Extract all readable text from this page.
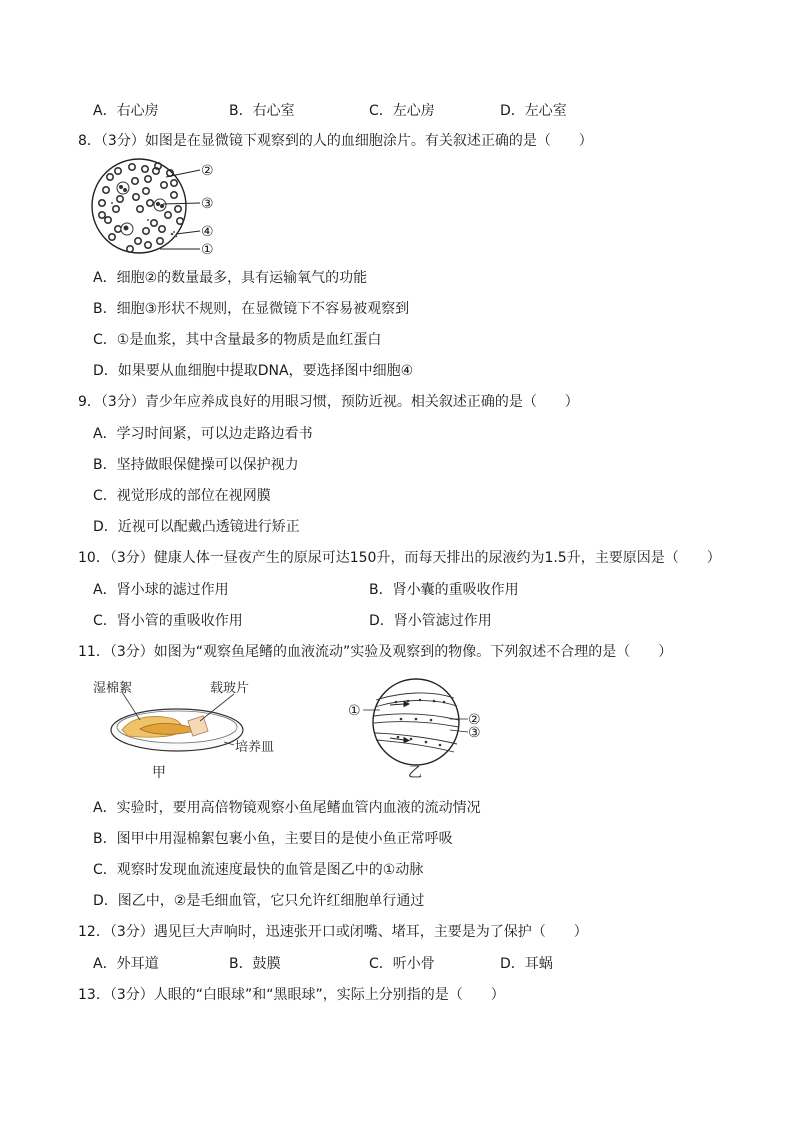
A．右心房	B．右心室	C．左心房	D．左心室
8．（3分）如图是在显微镜下观察到的人的血细胞涂片。有关叙述正确的是（　　）
②
③
④
①
A．细胞②的数量最多，具有运输氧气的功能
B．细胞③形状不规则，在显微镜下不容易被观察到
C．①是血浆，其中含量最多的物质是血红蛋白
D．如果要从血细胞中提取DNA，要选择图中细胞④
9．（3分）青少年应养成良好的用眼习惯，预防近视。相关叙述正确的是（　　）
A．学习时间紧，可以边走路边看书
B．坚持做眼保健操可以保护视力
C．视觉形成的部位在视网膜
D．近视可以配戴凸透镜进行矫正
10．（3分）健康人体一昼夜产生的原尿可达150升，而每天排出的尿液约为1.5升，主要原因是（　　）
A．肾小球的滤过作用	B．肾小囊的重吸收作用
C．肾小管的重吸收作用	D．肾小管滤过作用
11．（3分）如图为“观察鱼尾鳍的血液流动”实验及观察到的物像。下列叙述不合理的是（　　）
湿棉絮	载玻片
培养皿
甲
①
②
③
乙
A．实验时，要用高倍物镜观察小鱼尾鳍血管内血液的流动情况
B．图甲中用湿棉絮包裹小鱼，主要目的是使小鱼正常呼吸
C．观察时发现血流速度最快的血管是图乙中的①动脉
D．图乙中，②是毛细血管，它只允许红细胞单行通过
12．（3分）遇见巨大声响时，迅速张开口或闭嘴、堵耳，主要是为了保护（　　）
A．外耳道	B．鼓膜	C．听小骨	D．耳蜗
13．（3分）人眼的“白眼球”和“黑眼球”，实际上分别指的是（　　）
